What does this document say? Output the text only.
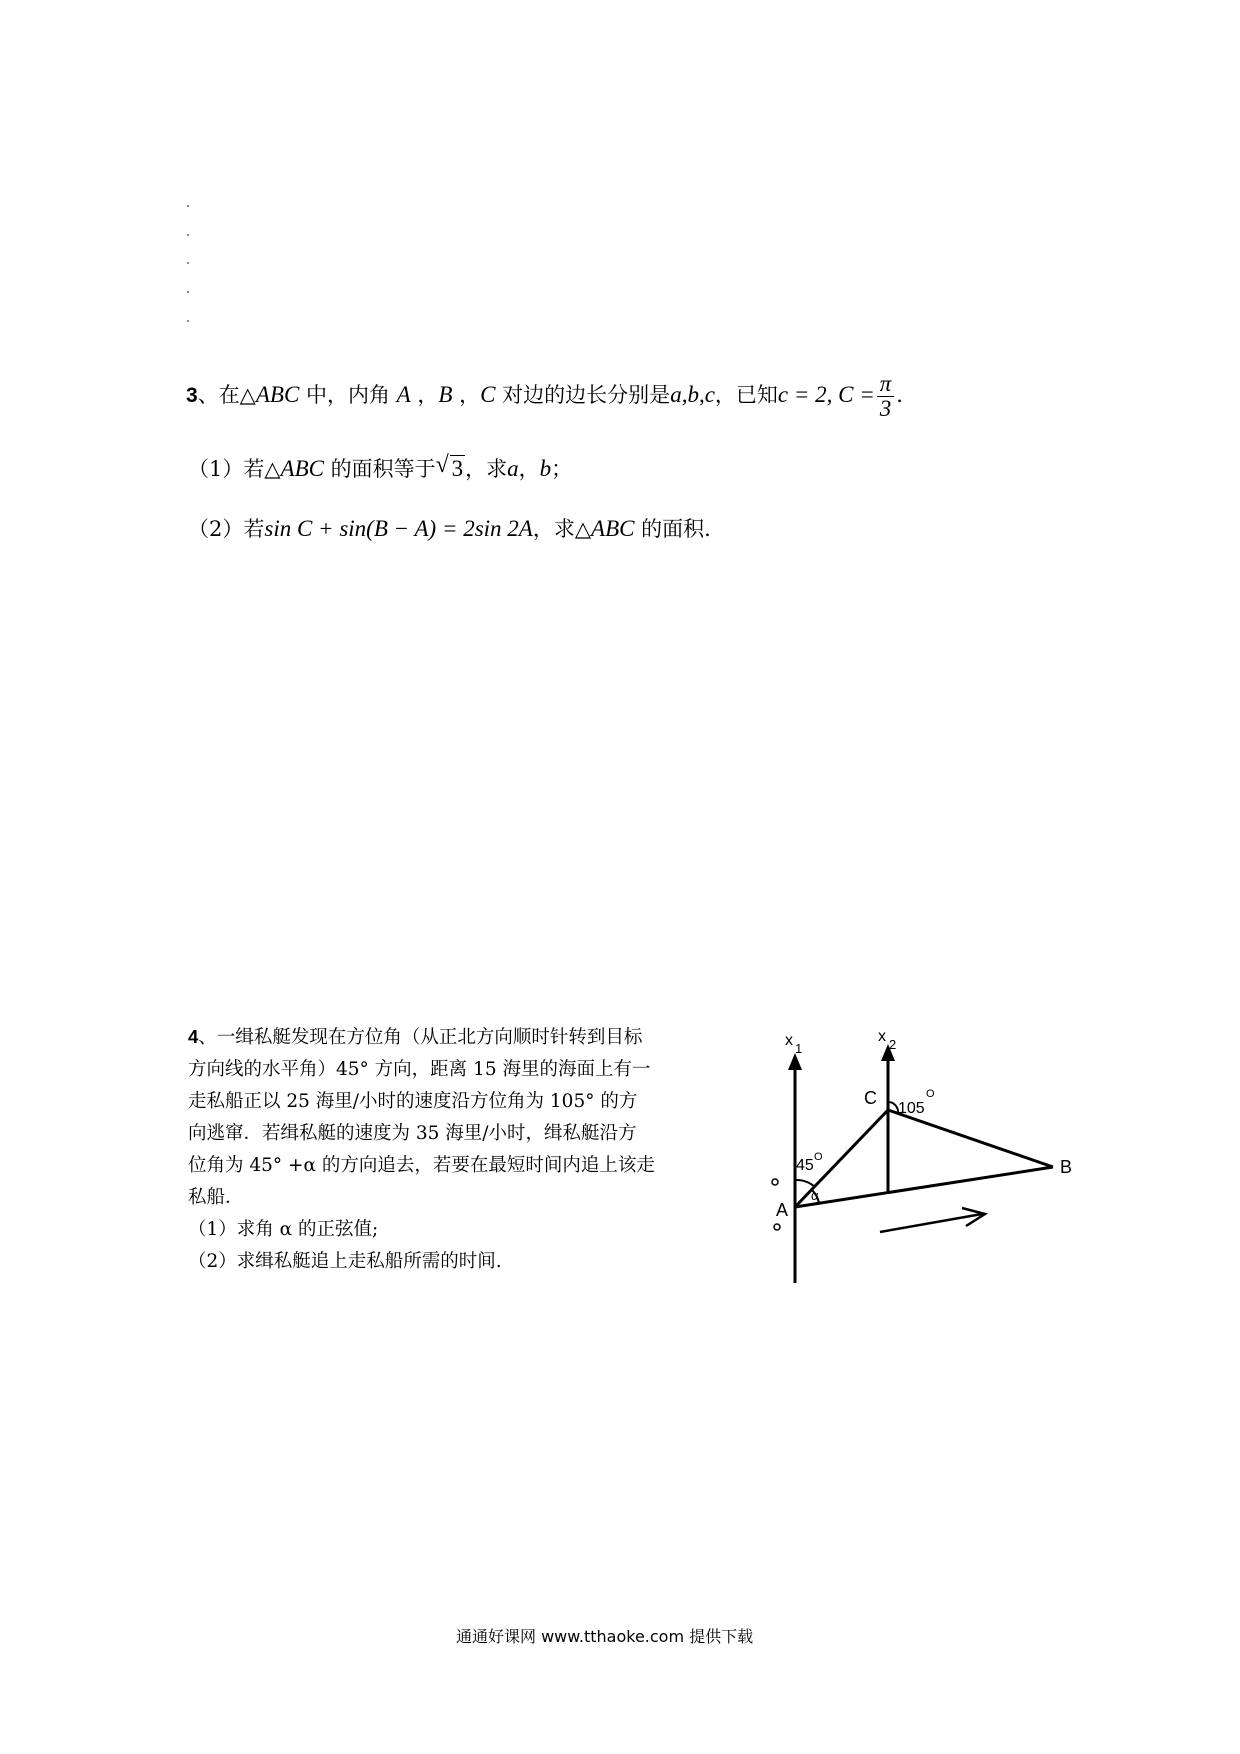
3、在△ABC 中，内角 A ，B ，C 对边的边长分别是a,b,c，已知c = 2, $C = \frac{\pi}{3}$ .
（1）若△ABC 的面积等于 √ 3，求a，b；
（2）若sin C + sin(B − A) = 2sin 2A，求△ABC 的面积.
4、一缉私艇发现在方位角（从正北方向顺时针转到目标
方向线的水平角）45° 方向，距离 15 海里的海面上有一
走私船正以 25 海里/小时的速度沿方位角为 105° 的方
向逃窜．若缉私艇的速度为 35 海里/小时，缉私艇沿方
位角为 45° +α 的方向追去，若要在最短时间内追上该走
私船．
（1）求角 α 的正弦值;
（2）求缉私艇追上走私船所需的时间.
x 1
x 2
C
105
O
45 O
α
B
A
通通好课网 www.tthaoke.com 提供下载
